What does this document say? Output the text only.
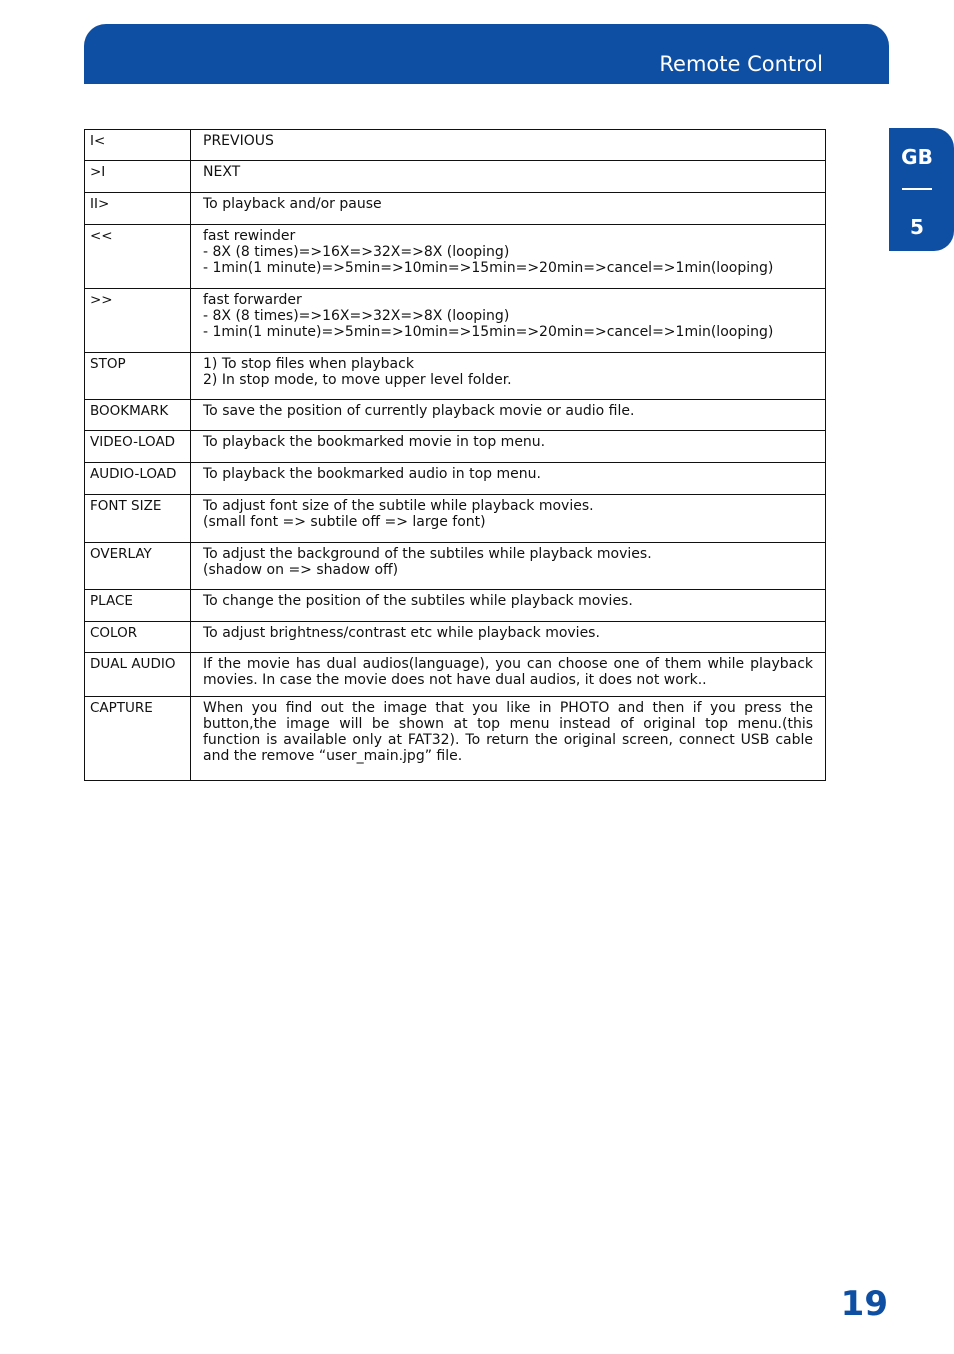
Remote Control
GB
5
I<	PREVIOUS

>I	NEXT

II>	To playback and/or pause

<<	fast rewinder
- 8X (8 times)=>16X=>32X=>8X (looping)
- 1min(1 minute)=>5min=>10min=>15min=>20min=>cancel=>1min(looping)

>>	fast forwarder
- 8X (8 times)=>16X=>32X=>8X (looping)
- 1min(1 minute)=>5min=>10min=>15min=>20min=>cancel=>1min(looping)

STOP	1) To stop files when playback
2) In stop mode, to move upper level folder.

BOOKMARK	To save the position of currently playback movie or audio file.

VIDEO-LOAD	To playback the bookmarked movie in top menu.

AUDIO-LOAD	To playback the bookmarked audio in top menu.

FONT SIZE	To adjust font size of the subtile while playback movies.
(small font => subtile off => large font)

OVERLAY	To adjust the background of the subtiles while playback movies.
(shadow on => shadow off)

PLACE	To change the position of the subtiles while playback movies.

COLOR	To adjust brightness/contrast etc while playback movies.

DUAL AUDIO	If the movie has dual audios(language), you can choose one of them while playback movies. In case the movie does not have dual audios, it does not work..

CAPTURE	When you find out the image that you like in PHOTO and then if you press the button,the image will be shown at top menu instead of original top menu.(this function is available only at FAT32). To return the original screen, connect USB cable and the remove “user_main.jpg” file.
19
